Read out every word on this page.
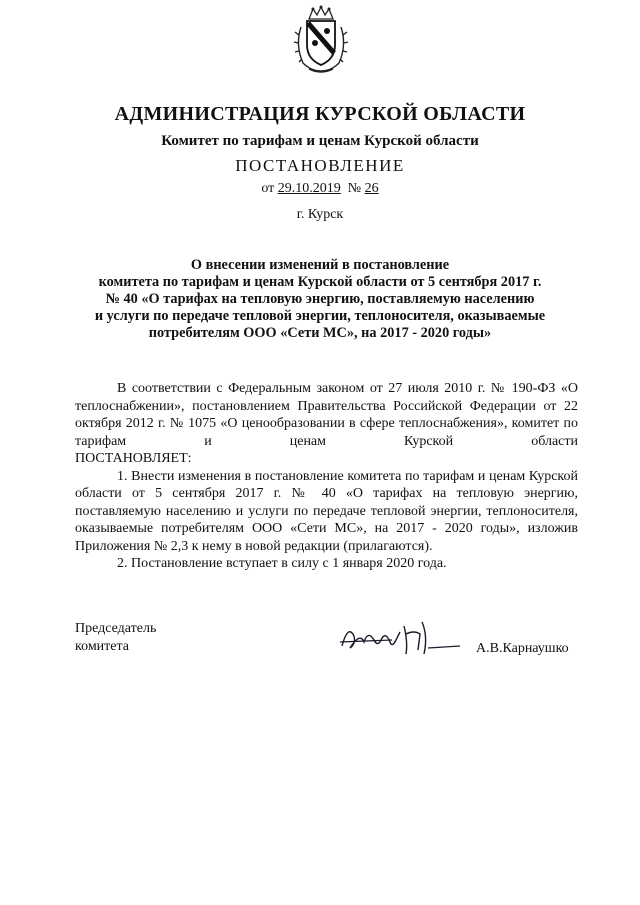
АДМИНИСТРАЦИЯ КУРСКОЙ ОБЛАСТИ
Комитет по тарифам и ценам Курской области
ПОСТАНОВЛЕНИЕ
от 29.10.2019 № 26
г. Курск
О внесении изменений в постановление
комитета по тарифам и ценам Курской области от 5 сентября 2017 г.
№ 40 «О тарифах на тепловую энергию, поставляемую населению
и услуги по передаче тепловой энергии, теплоносителя, оказываемые
потребителям ООО «Сети МС», на 2017 - 2020 годы»

В соответствии с Федеральным законом от 27 июля 2010 г. № 190-ФЗ «О теплоснабжении», постановлением Правительства Российской Федерации от 22 октября 2012 г. № 1075 «О ценообразовании в сфере теплоснабжения», комитет по тарифам и ценам Курской области

ПОСТАНОВЛЯЕТ:

1. Внести изменения в постановление комитета по тарифам и ценам Курской области от 5 сентября 2017 г. № 40 «О тарифах на тепловую энергию, поставляемую населению и услуги по передаче тепловой энергии, теплоносителя, оказываемые потребителям ООО «Сети МС», на 2017 - 2020 годы», изложив Приложения № 2,3 к нему в новой редакции (прилагаются).

2. Постановление вступает в силу с 1 января 2020 года.

Председатель
комитета	А.В.Карнаушко
